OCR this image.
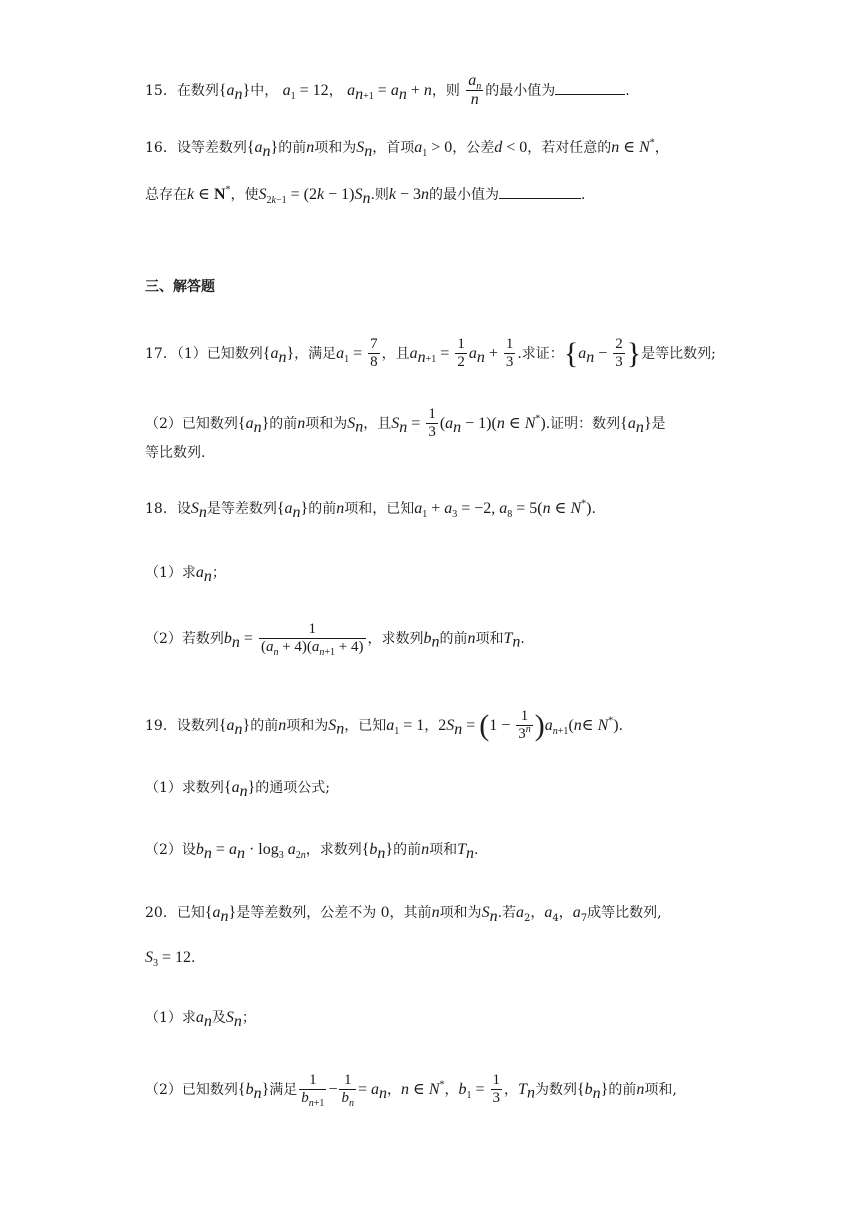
15．在数列$\{a_n\}$中， $a_1 = 12$， $a_{n+1} = a_n + n$，则 $\frac{a_n}{n}$ 的最小值为	.
16．设等差数列$\{a_n\}$的前n项和为$S_n$，首项$a_1 > 0$，公差d < 0，若对任意的n ∈ N*，
总存在k ∈ N*，使$S_{2k-1} = (2k - 1)S_n$.则k − 3n的最小值为	.
三、解答题
17．（1）已知数列$\{a_n\}$，满足$a_1 = \frac{7}{8}$ ，且$a_{n+1} = \frac{1}{2} a_n + \frac{1}{3}$ .求证：{$a_n - \frac{2}{3}$ }是等比数列;
（2）已知数列$\{a_n\}$的前n项和为$S_n$，且$S_n = \frac{1}{3} (a_n - 1)(n$ ∈ N*).证明：数列$\{a_n\}$是
等比数列.
18．设$S_n$是等差数列$\{a_n\}$的前n项和，已知$a_1 + a_3 = -2$, $a_8 = 5(n$ ∈ N*).
（1）求$a_n$；
（2）若数列$b_n = \frac{1}{(a_n + 4)(a_{n+1} + 4)}$ ，求数列$b_n$的前n项和$T_n$.
19．设数列$\{a_n\}$的前n项和为$S_n$，已知$a_1 = 1$，$2S_n = (1 - \frac{1}{3^n}$ )$a_{n+1}(n\in$ N*).
（1）求数列$\{a_n\}$的通项公式;
（2）设$b_n = a_n \cdot \log_3 a_{2n}$，求数列$\{b_n\}$的前n项和$T_n$.
20．已知$\{a_n\}$是等差数列，公差不为 0，其前n项和为$S_n$.若$a_2$，$a_4$，$a_7$成等比数列,
$S_3 = 12$.
（1）求$a_n$及$S_n$；
（2）已知数列$\{b_n\}$满足 $\frac{1}{b_{n+1}} - \frac{1}{b_n} = a_n$，n ∈ N*，$b_1 = \frac{1}{3}$ ，$T_n$为数列$\{b_n\}$的前n项和,
